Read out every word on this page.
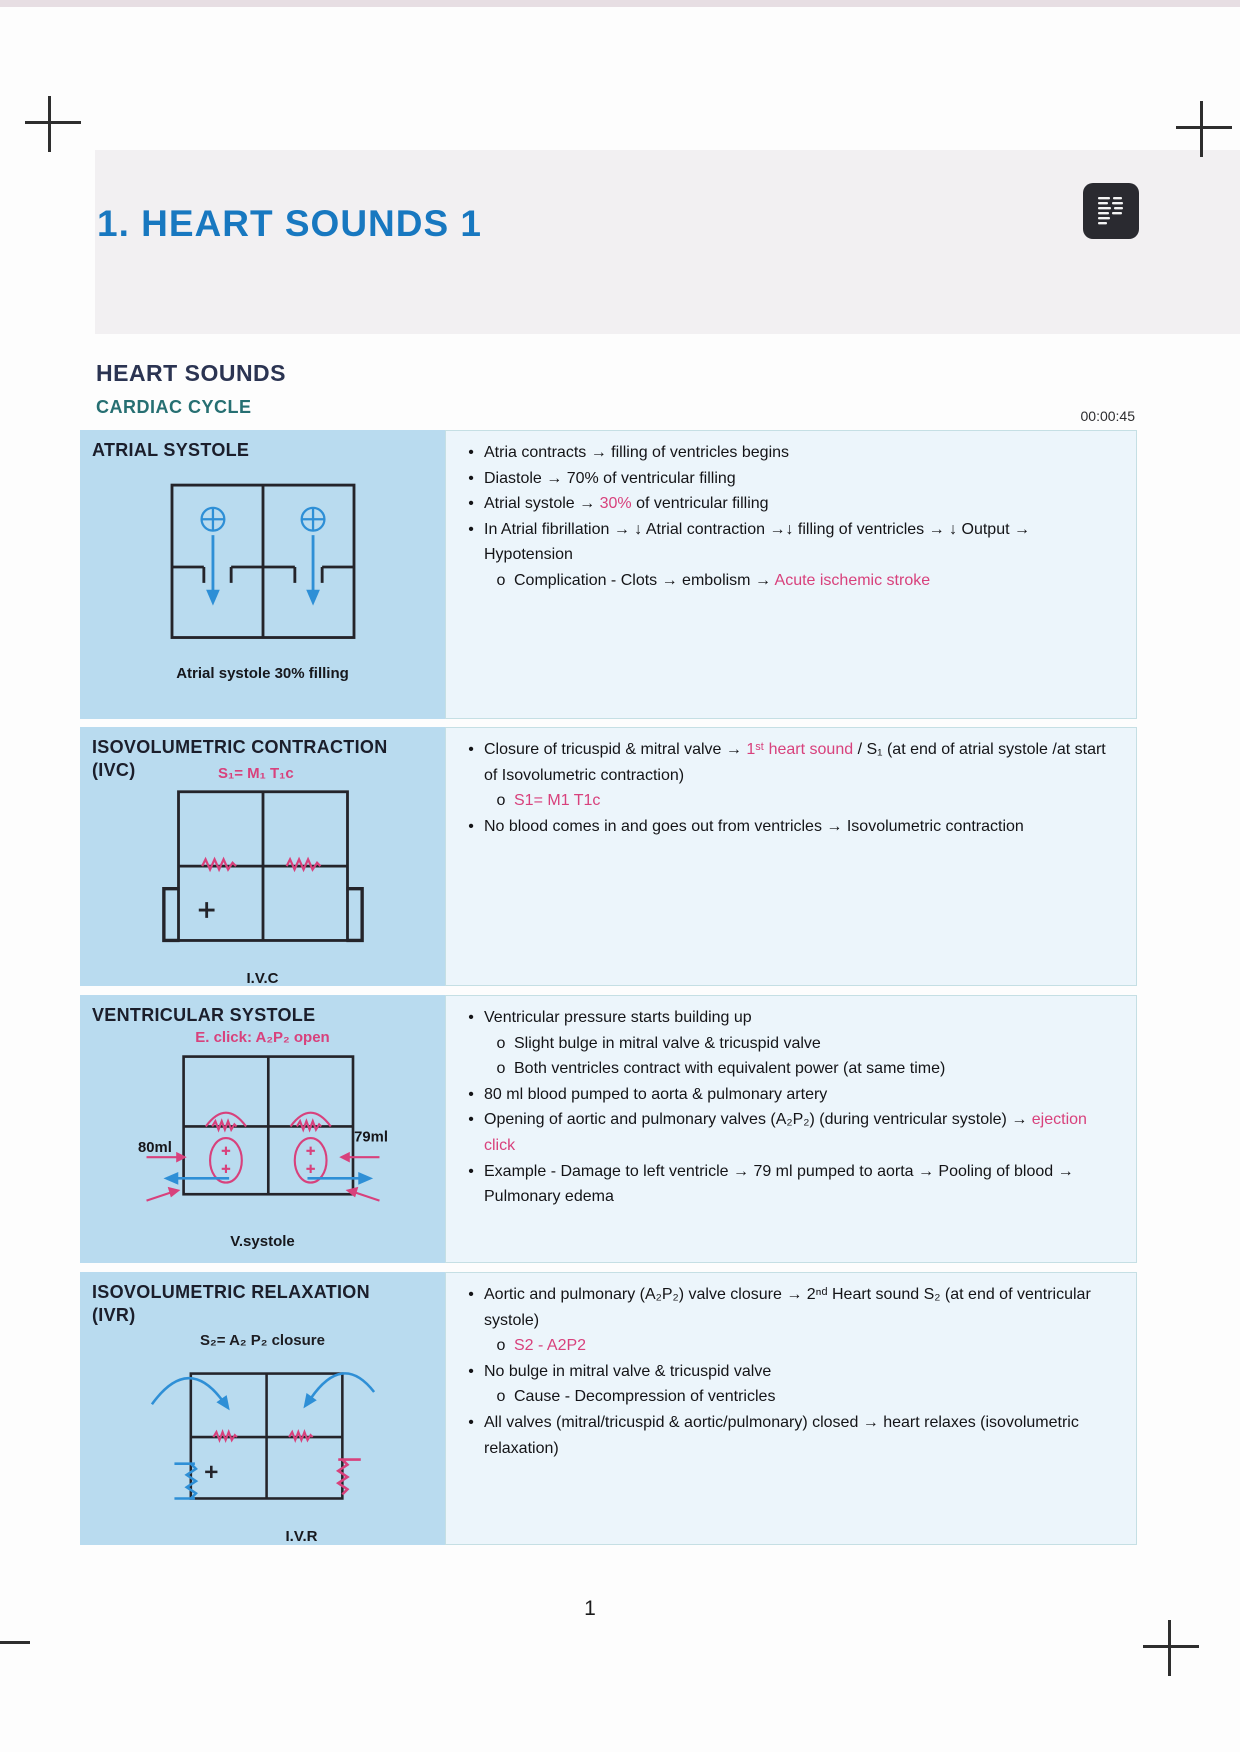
1. HEART SOUNDS 1
HEART SOUNDS
CARDIAC CYCLE	00:00:45
ATRIAL SYSTOLE
Atrial systole 30% filling
• Atria contracts → filling of ventricles begins
• Diastole → 70% of ventricular filling
• Atrial systole → 30% of ventricular filling
• In Atrial fibrillation → ↓ Atrial contraction →↓ filling of ventricles → ↓ Output → Hypotension
o Complication - Clots → embolism → Acute ischemic stroke
ISOVOLUMETRIC CONTRACTION (IVC)	S₁= M₁ T₁c
I.V.C
• Closure of tricuspid & mitral valve → 1ˢᵗ heart sound / S₁ (at end of atrial systole /at start of Isovolumetric contraction)
o S1= M1 T1c
• No blood comes in and goes out from ventricles → Isovolumetric contraction
VENTRICULAR SYSTOLE
E. click: A₂P₂ open
80ml
79ml
V.systole
• Ventricular pressure starts building up
o Slight bulge in mitral valve & tricuspid valve
o Both ventricles contract with equivalent power (at same time)
• 80 ml blood pumped to aorta & pulmonary artery
• Opening of aortic and pulmonary valves (A₂P₂) (during ventricular systole) → ejection click
• Example - Damage to left ventricle → 79 ml pumped to aorta → Pooling of blood → Pulmonary edema
ISOVOLUMETRIC RELAXATION (IVR)
S₂= A₂ P₂ closure
I.V.R
• Aortic and pulmonary (A₂P₂) valve closure → 2ⁿᵈ Heart sound S₂ (at end of ventricular systole)
o S2 - A2P2
• No bulge in mitral valve & tricuspid valve
o Cause - Decompression of ventricles
• All valves (mitral/tricuspid & aortic/pulmonary) closed → heart relaxes (isovolumetric relaxation)
1
